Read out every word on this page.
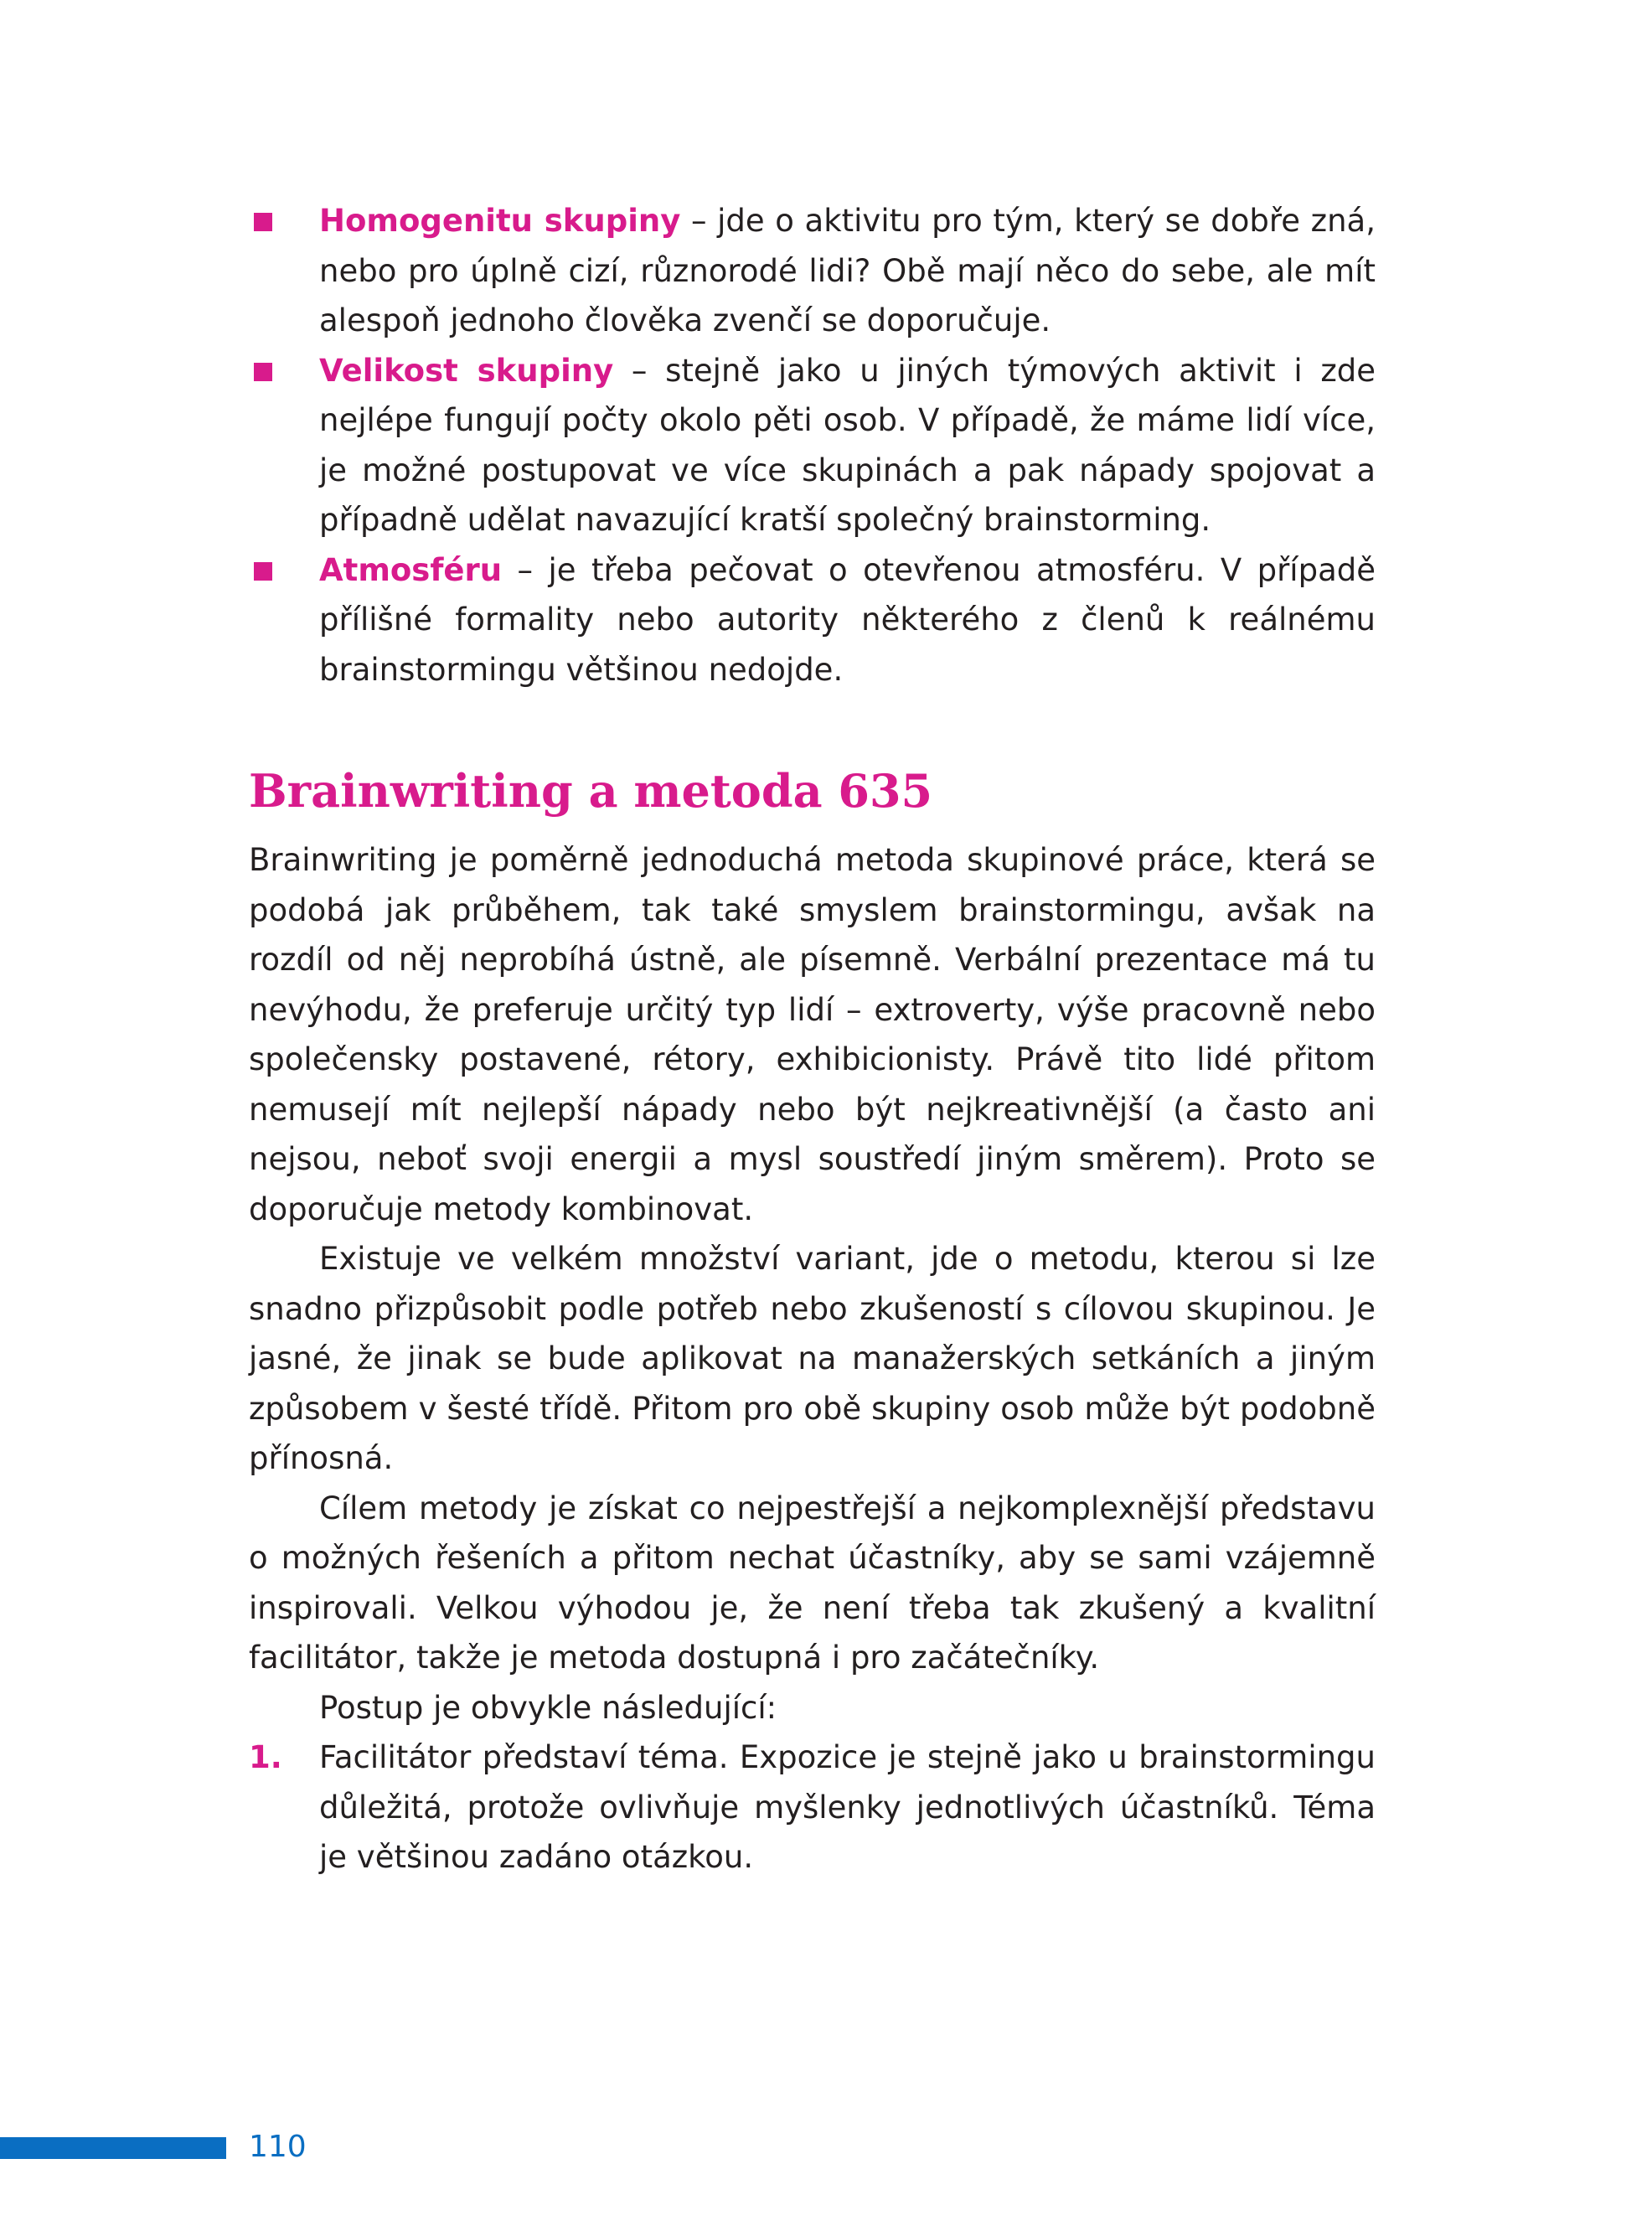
Homogenitu skupiny – jde o aktivitu pro tým, který se dobře zná, nebo pro úplně cizí, různorodé lidi? Obě mají něco do sebe, ale mít alespoň jednoho člověka zvenčí se doporučuje.
Velikost skupiny – stejně jako u jiných týmových aktivit i zde nejlépe fungují počty okolo pěti osob. V případě, že máme lidí více, je možné postupovat ve více skupinách a pak nápady spojovat a případně udělat navazující kratší společný brainstorming.
Atmosféru – je třeba pečovat o otevřenou atmosféru. V případě přílišné formality nebo autority některého z členů k reálnému brainstormingu většinou nedojde.
Brainwriting a metoda 635

Brainwriting je poměrně jednoduchá metoda skupinové práce, která se podobá jak průběhem, tak také smyslem brainstormingu, avšak na rozdíl od něj neprobíhá ústně, ale písemně. Verbální prezentace má tu nevýhodu, že preferuje určitý typ lidí – extroverty, výše pracovně nebo společensky postavené, rétory, exhibicionisty. Právě tito lidé přitom nemusejí mít nejlepší nápady nebo být nejkreativnější (a často ani nejsou, neboť svoji energii a mysl soustředí jiným směrem). Proto se doporučuje metody kombinovat.

Existuje ve velkém množství variant, jde o metodu, kterou si lze snadno přizpůsobit podle potřeb nebo zkušeností s cílovou skupinou. Je jasné, že jinak se bude aplikovat na manažerských setkáních a jiným způsobem v šesté třídě. Přitom pro obě skupiny osob může být podobně přínosná.

Cílem metody je získat co nejpestřejší a nejkomplexnější představu o možných řešeních a přitom nechat účastníky, aby se sami vzájemně inspirovali. Velkou výhodou je, že není třeba tak zkušený a kvalitní facilitátor, takže je metoda dostupná i pro začátečníky.

Postup je obvykle následující:

1. Facilitátor představí téma. Expozice je stejně jako u brainstormingu důležitá, protože ovlivňuje myšlenky jednotlivých účastníků. Téma je většinou zadáno otázkou.
110
